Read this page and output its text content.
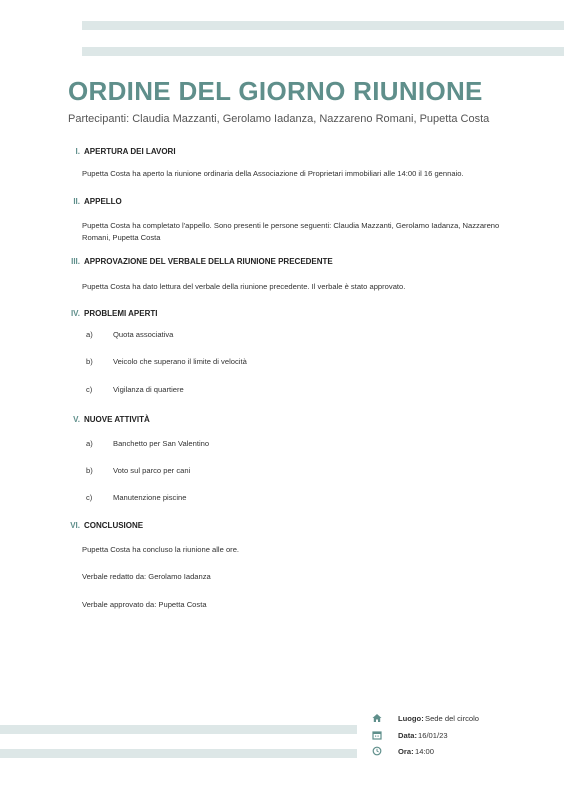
ORDINE DEL GIORNO RIUNIONE
Partecipanti: Claudia Mazzanti, Gerolamo Iadanza, Nazzareno Romani, Pupetta Costa
I. APERTURA DEI LAVORI
Pupetta Costa ha aperto la riunione ordinaria della Associazione di Proprietari immobiliari alle 14:00 il 16 gennaio.
II. APPELLO
Pupetta Costa ha completato l'appello. Sono presenti le persone seguenti: Claudia Mazzanti, Gerolamo Iadanza, Nazzareno Romani, Pupetta Costa
III. APPROVAZIONE DEL VERBALE DELLA RIUNIONE PRECEDENTE
Pupetta Costa ha dato lettura del verbale della riunione precedente. Il verbale è stato approvato.
IV. PROBLEMI APERTI
a)	Quota associativa
b)	Veicolo che superano il limite di velocità
c)	Vigilanza di quartiere
V. NUOVE ATTIVITÀ
a)	Banchetto per San Valentino
b)	Voto sul parco per cani
c)	Manutenzione piscine
VI. CONCLUSIONE
Pupetta Costa ha concluso la riunione alle ore.
Verbale redatto da: Gerolamo Iadanza
Verbale approvato da: Pupetta Costa
Luogo: Sede del circolo
Data: 16/01/23
Ora: 14:00
